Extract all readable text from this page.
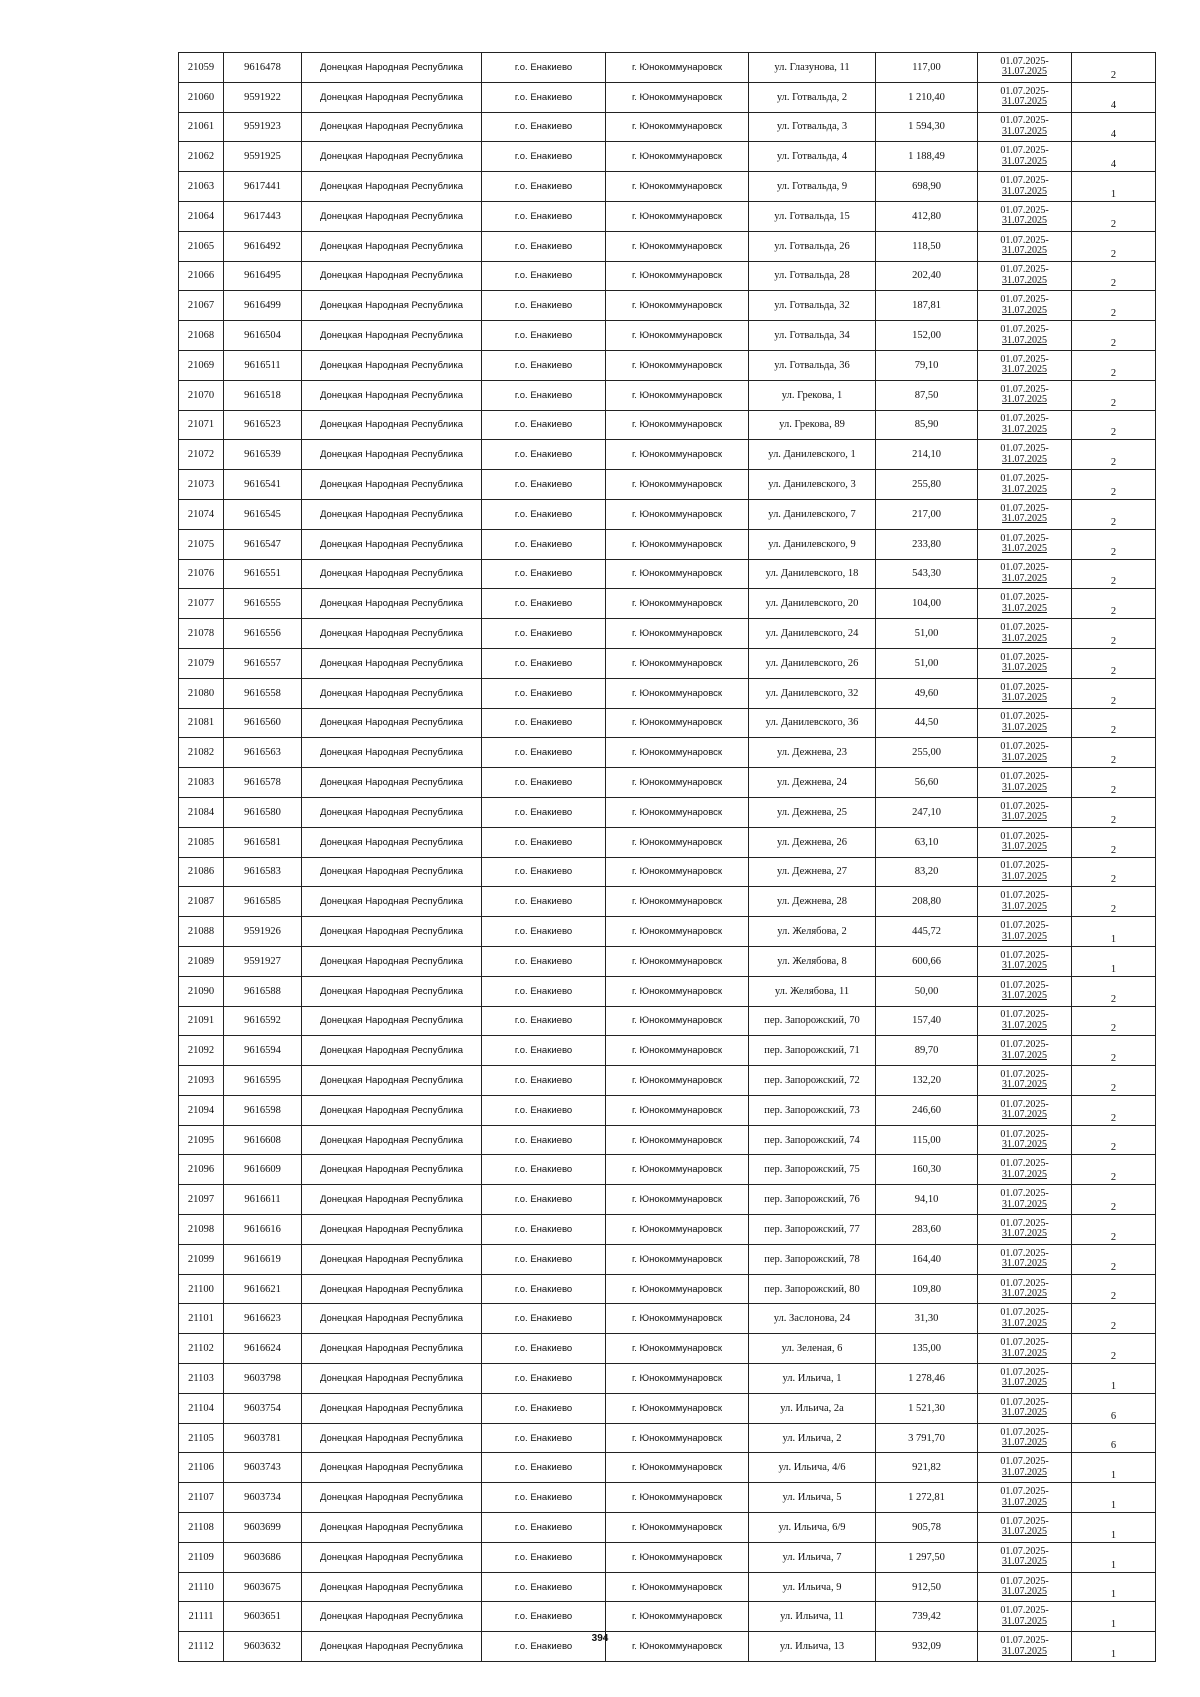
21059	9616478	Донецкая Народная Республика	г.о. Енакиево	г. Юнокоммунаровск	ул. Глазунова, 11	117,00	01.07.2025-
31.07.2025	2
21060	9591922	Донецкая Народная Республика	г.о. Енакиево	г. Юнокоммунаровск	ул. Готвальда, 2	1 210,40	01.07.2025-
31.07.2025	4
21061	9591923	Донецкая Народная Республика	г.о. Енакиево	г. Юнокоммунаровск	ул. Готвальда, 3	1 594,30	01.07.2025-
31.07.2025	4
21062	9591925	Донецкая Народная Республика	г.о. Енакиево	г. Юнокоммунаровск	ул. Готвальда, 4	1 188,49	01.07.2025-
31.07.2025	4
21063	9617441	Донецкая Народная Республика	г.о. Енакиево	г. Юнокоммунаровск	ул. Готвальда, 9	698,90	01.07.2025-
31.07.2025	1
21064	9617443	Донецкая Народная Республика	г.о. Енакиево	г. Юнокоммунаровск	ул. Готвальда, 15	412,80	01.07.2025-
31.07.2025	2
21065	9616492	Донецкая Народная Республика	г.о. Енакиево	г. Юнокоммунаровск	ул. Готвальда, 26	118,50	01.07.2025-
31.07.2025	2
21066	9616495	Донецкая Народная Республика	г.о. Енакиево	г. Юнокоммунаровск	ул. Готвальда, 28	202,40	01.07.2025-
31.07.2025	2
21067	9616499	Донецкая Народная Республика	г.о. Енакиево	г. Юнокоммунаровск	ул. Готвальда, 32	187,81	01.07.2025-
31.07.2025	2
21068	9616504	Донецкая Народная Республика	г.о. Енакиево	г. Юнокоммунаровск	ул. Готвальда, 34	152,00	01.07.2025-
31.07.2025	2
21069	9616511	Донецкая Народная Республика	г.о. Енакиево	г. Юнокоммунаровск	ул. Готвальда, 36	79,10	01.07.2025-
31.07.2025	2
21070	9616518	Донецкая Народная Республика	г.о. Енакиево	г. Юнокоммунаровск	ул. Грекова, 1	87,50	01.07.2025-
31.07.2025	2
21071	9616523	Донецкая Народная Республика	г.о. Енакиево	г. Юнокоммунаровск	ул. Грекова, 89	85,90	01.07.2025-
31.07.2025	2
21072	9616539	Донецкая Народная Республика	г.о. Енакиево	г. Юнокоммунаровск	ул. Данилевского, 1	214,10	01.07.2025-
31.07.2025	2
21073	9616541	Донецкая Народная Республика	г.о. Енакиево	г. Юнокоммунаровск	ул. Данилевского, 3	255,80	01.07.2025-
31.07.2025	2
21074	9616545	Донецкая Народная Республика	г.о. Енакиево	г. Юнокоммунаровск	ул. Данилевского, 7	217,00	01.07.2025-
31.07.2025	2
21075	9616547	Донецкая Народная Республика	г.о. Енакиево	г. Юнокоммунаровск	ул. Данилевского, 9	233,80	01.07.2025-
31.07.2025	2
21076	9616551	Донецкая Народная Республика	г.о. Енакиево	г. Юнокоммунаровск	ул. Данилевского, 18	543,30	01.07.2025-
31.07.2025	2
21077	9616555	Донецкая Народная Республика	г.о. Енакиево	г. Юнокоммунаровск	ул. Данилевского, 20	104,00	01.07.2025-
31.07.2025	2
21078	9616556	Донецкая Народная Республика	г.о. Енакиево	г. Юнокоммунаровск	ул. Данилевского, 24	51,00	01.07.2025-
31.07.2025	2
21079	9616557	Донецкая Народная Республика	г.о. Енакиево	г. Юнокоммунаровск	ул. Данилевского, 26	51,00	01.07.2025-
31.07.2025	2
21080	9616558	Донецкая Народная Республика	г.о. Енакиево	г. Юнокоммунаровск	ул. Данилевского, 32	49,60	01.07.2025-
31.07.2025	2
21081	9616560	Донецкая Народная Республика	г.о. Енакиево	г. Юнокоммунаровск	ул. Данилевского, 36	44,50	01.07.2025-
31.07.2025	2
21082	9616563	Донецкая Народная Республика	г.о. Енакиево	г. Юнокоммунаровск	ул. Дежнева, 23	255,00	01.07.2025-
31.07.2025	2
21083	9616578	Донецкая Народная Республика	г.о. Енакиево	г. Юнокоммунаровск	ул. Дежнева, 24	56,60	01.07.2025-
31.07.2025	2
21084	9616580	Донецкая Народная Республика	г.о. Енакиево	г. Юнокоммунаровск	ул. Дежнева, 25	247,10	01.07.2025-
31.07.2025	2
21085	9616581	Донецкая Народная Республика	г.о. Енакиево	г. Юнокоммунаровск	ул. Дежнева, 26	63,10	01.07.2025-
31.07.2025	2
21086	9616583	Донецкая Народная Республика	г.о. Енакиево	г. Юнокоммунаровск	ул. Дежнева, 27	83,20	01.07.2025-
31.07.2025	2
21087	9616585	Донецкая Народная Республика	г.о. Енакиево	г. Юнокоммунаровск	ул. Дежнева, 28	208,80	01.07.2025-
31.07.2025	2
21088	9591926	Донецкая Народная Республика	г.о. Енакиево	г. Юнокоммунаровск	ул. Желябова, 2	445,72	01.07.2025-
31.07.2025	1
21089	9591927	Донецкая Народная Республика	г.о. Енакиево	г. Юнокоммунаровск	ул. Желябова, 8	600,66	01.07.2025-
31.07.2025	1
21090	9616588	Донецкая Народная Республика	г.о. Енакиево	г. Юнокоммунаровск	ул. Желябова, 11	50,00	01.07.2025-
31.07.2025	2
21091	9616592	Донецкая Народная Республика	г.о. Енакиево	г. Юнокоммунаровск	пер. Запорожский, 70	157,40	01.07.2025-
31.07.2025	2
21092	9616594	Донецкая Народная Республика	г.о. Енакиево	г. Юнокоммунаровск	пер. Запорожский, 71	89,70	01.07.2025-
31.07.2025	2
21093	9616595	Донецкая Народная Республика	г.о. Енакиево	г. Юнокоммунаровск	пер. Запорожский, 72	132,20	01.07.2025-
31.07.2025	2
21094	9616598	Донецкая Народная Республика	г.о. Енакиево	г. Юнокоммунаровск	пер. Запорожский, 73	246,60	01.07.2025-
31.07.2025	2
21095	9616608	Донецкая Народная Республика	г.о. Енакиево	г. Юнокоммунаровск	пер. Запорожский, 74	115,00	01.07.2025-
31.07.2025	2
21096	9616609	Донецкая Народная Республика	г.о. Енакиево	г. Юнокоммунаровск	пер. Запорожский, 75	160,30	01.07.2025-
31.07.2025	2
21097	9616611	Донецкая Народная Республика	г.о. Енакиево	г. Юнокоммунаровск	пер. Запорожский, 76	94,10	01.07.2025-
31.07.2025	2
21098	9616616	Донецкая Народная Республика	г.о. Енакиево	г. Юнокоммунаровск	пер. Запорожский, 77	283,60	01.07.2025-
31.07.2025	2
21099	9616619	Донецкая Народная Республика	г.о. Енакиево	г. Юнокоммунаровск	пер. Запорожский, 78	164,40	01.07.2025-
31.07.2025	2
21100	9616621	Донецкая Народная Республика	г.о. Енакиево	г. Юнокоммунаровск	пер. Запорожский, 80	109,80	01.07.2025-
31.07.2025	2
21101	9616623	Донецкая Народная Республика	г.о. Енакиево	г. Юнокоммунаровск	ул. Заслонова, 24	31,30	01.07.2025-
31.07.2025	2
21102	9616624	Донецкая Народная Республика	г.о. Енакиево	г. Юнокоммунаровск	ул. Зеленая, 6	135,00	01.07.2025-
31.07.2025	2
21103	9603798	Донецкая Народная Республика	г.о. Енакиево	г. Юнокоммунаровск	ул. Ильича, 1	1 278,46	01.07.2025-
31.07.2025	1
21104	9603754	Донецкая Народная Республика	г.о. Енакиево	г. Юнокоммунаровск	ул. Ильича, 2а	1 521,30	01.07.2025-
31.07.2025	6
21105	9603781	Донецкая Народная Республика	г.о. Енакиево	г. Юнокоммунаровск	ул. Ильича, 2	3 791,70	01.07.2025-
31.07.2025	6
21106	9603743	Донецкая Народная Республика	г.о. Енакиево	г. Юнокоммунаровск	ул. Ильича, 4/6	921,82	01.07.2025-
31.07.2025	1
21107	9603734	Донецкая Народная Республика	г.о. Енакиево	г. Юнокоммунаровск	ул. Ильича, 5	1 272,81	01.07.2025-
31.07.2025	1
21108	9603699	Донецкая Народная Республика	г.о. Енакиево	г. Юнокоммунаровск	ул. Ильича, 6/9	905,78	01.07.2025-
31.07.2025	1
21109	9603686	Донецкая Народная Республика	г.о. Енакиево	г. Юнокоммунаровск	ул. Ильича, 7	1 297,50	01.07.2025-
31.07.2025	1
21110	9603675	Донецкая Народная Республика	г.о. Енакиево	г. Юнокоммунаровск	ул. Ильича, 9	912,50	01.07.2025-
31.07.2025	1
21111	9603651	Донецкая Народная Республика	г.о. Енакиево	г. Юнокоммунаровск	ул. Ильича, 11	739,42	01.07.2025-
31.07.2025	1
21112	9603632	Донецкая Народная Республика	г.о. Енакиево	г. Юнокоммунаровск	ул. Ильича, 13	932,09	01.07.2025-
31.07.2025	1
394
